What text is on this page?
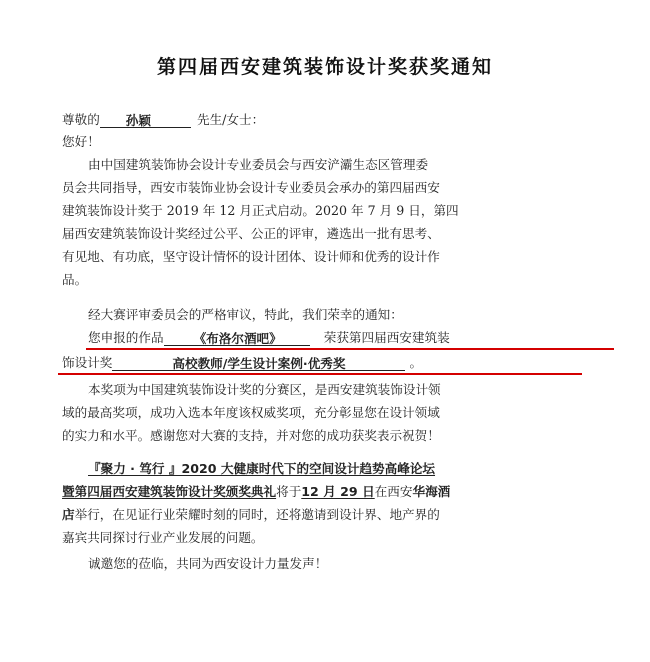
第四届西安建筑装饰设计奖获奖通知
尊敬的 孙颖	先生/女士：
您好！
由中国建筑装饰协会设计专业委员会与西安浐灞生态区管理委
员会共同指导，西安市装饰业协会设计专业委员会承办的第四届西安
建筑装饰设计奖于 2019 年 12 月正式启动。2020 年 7 月 9 日，第四
届西安建筑装饰设计奖经过公平、公正的评审，遴选出一批有思考、
有见地、有功底，坚守设计情怀的设计团体、设计师和优秀的设计作
品。
经大赛评审委员会的严格审议，特此，我们荣幸的通知：
您申报的作品 《布洛尔酒吧》	荣获第四届西安建筑装
饰设计奖	高校教师/学生设计案例·优秀奖	。
本奖项为中国建筑装饰设计奖的分赛区，是西安建筑装饰设计领
域的最高奖项，成功入选本年度该权威奖项，充分彰显您在设计领域
的实力和水平。感谢您对大赛的支持，并对您的成功获奖表示祝贺！
『聚力 · 笃行 』2020 大健康时代下的空间设计趋势高峰论坛
暨第四届西安建筑装饰设计奖颁奖典礼将于12 月 29 日在西安华海酒
店举行，在见证行业荣耀时刻的同时，还将邀请到设计界、地产界的
嘉宾共同探讨行业产业发展的问题。
诚邀您的莅临，共同为西安设计力量发声！
